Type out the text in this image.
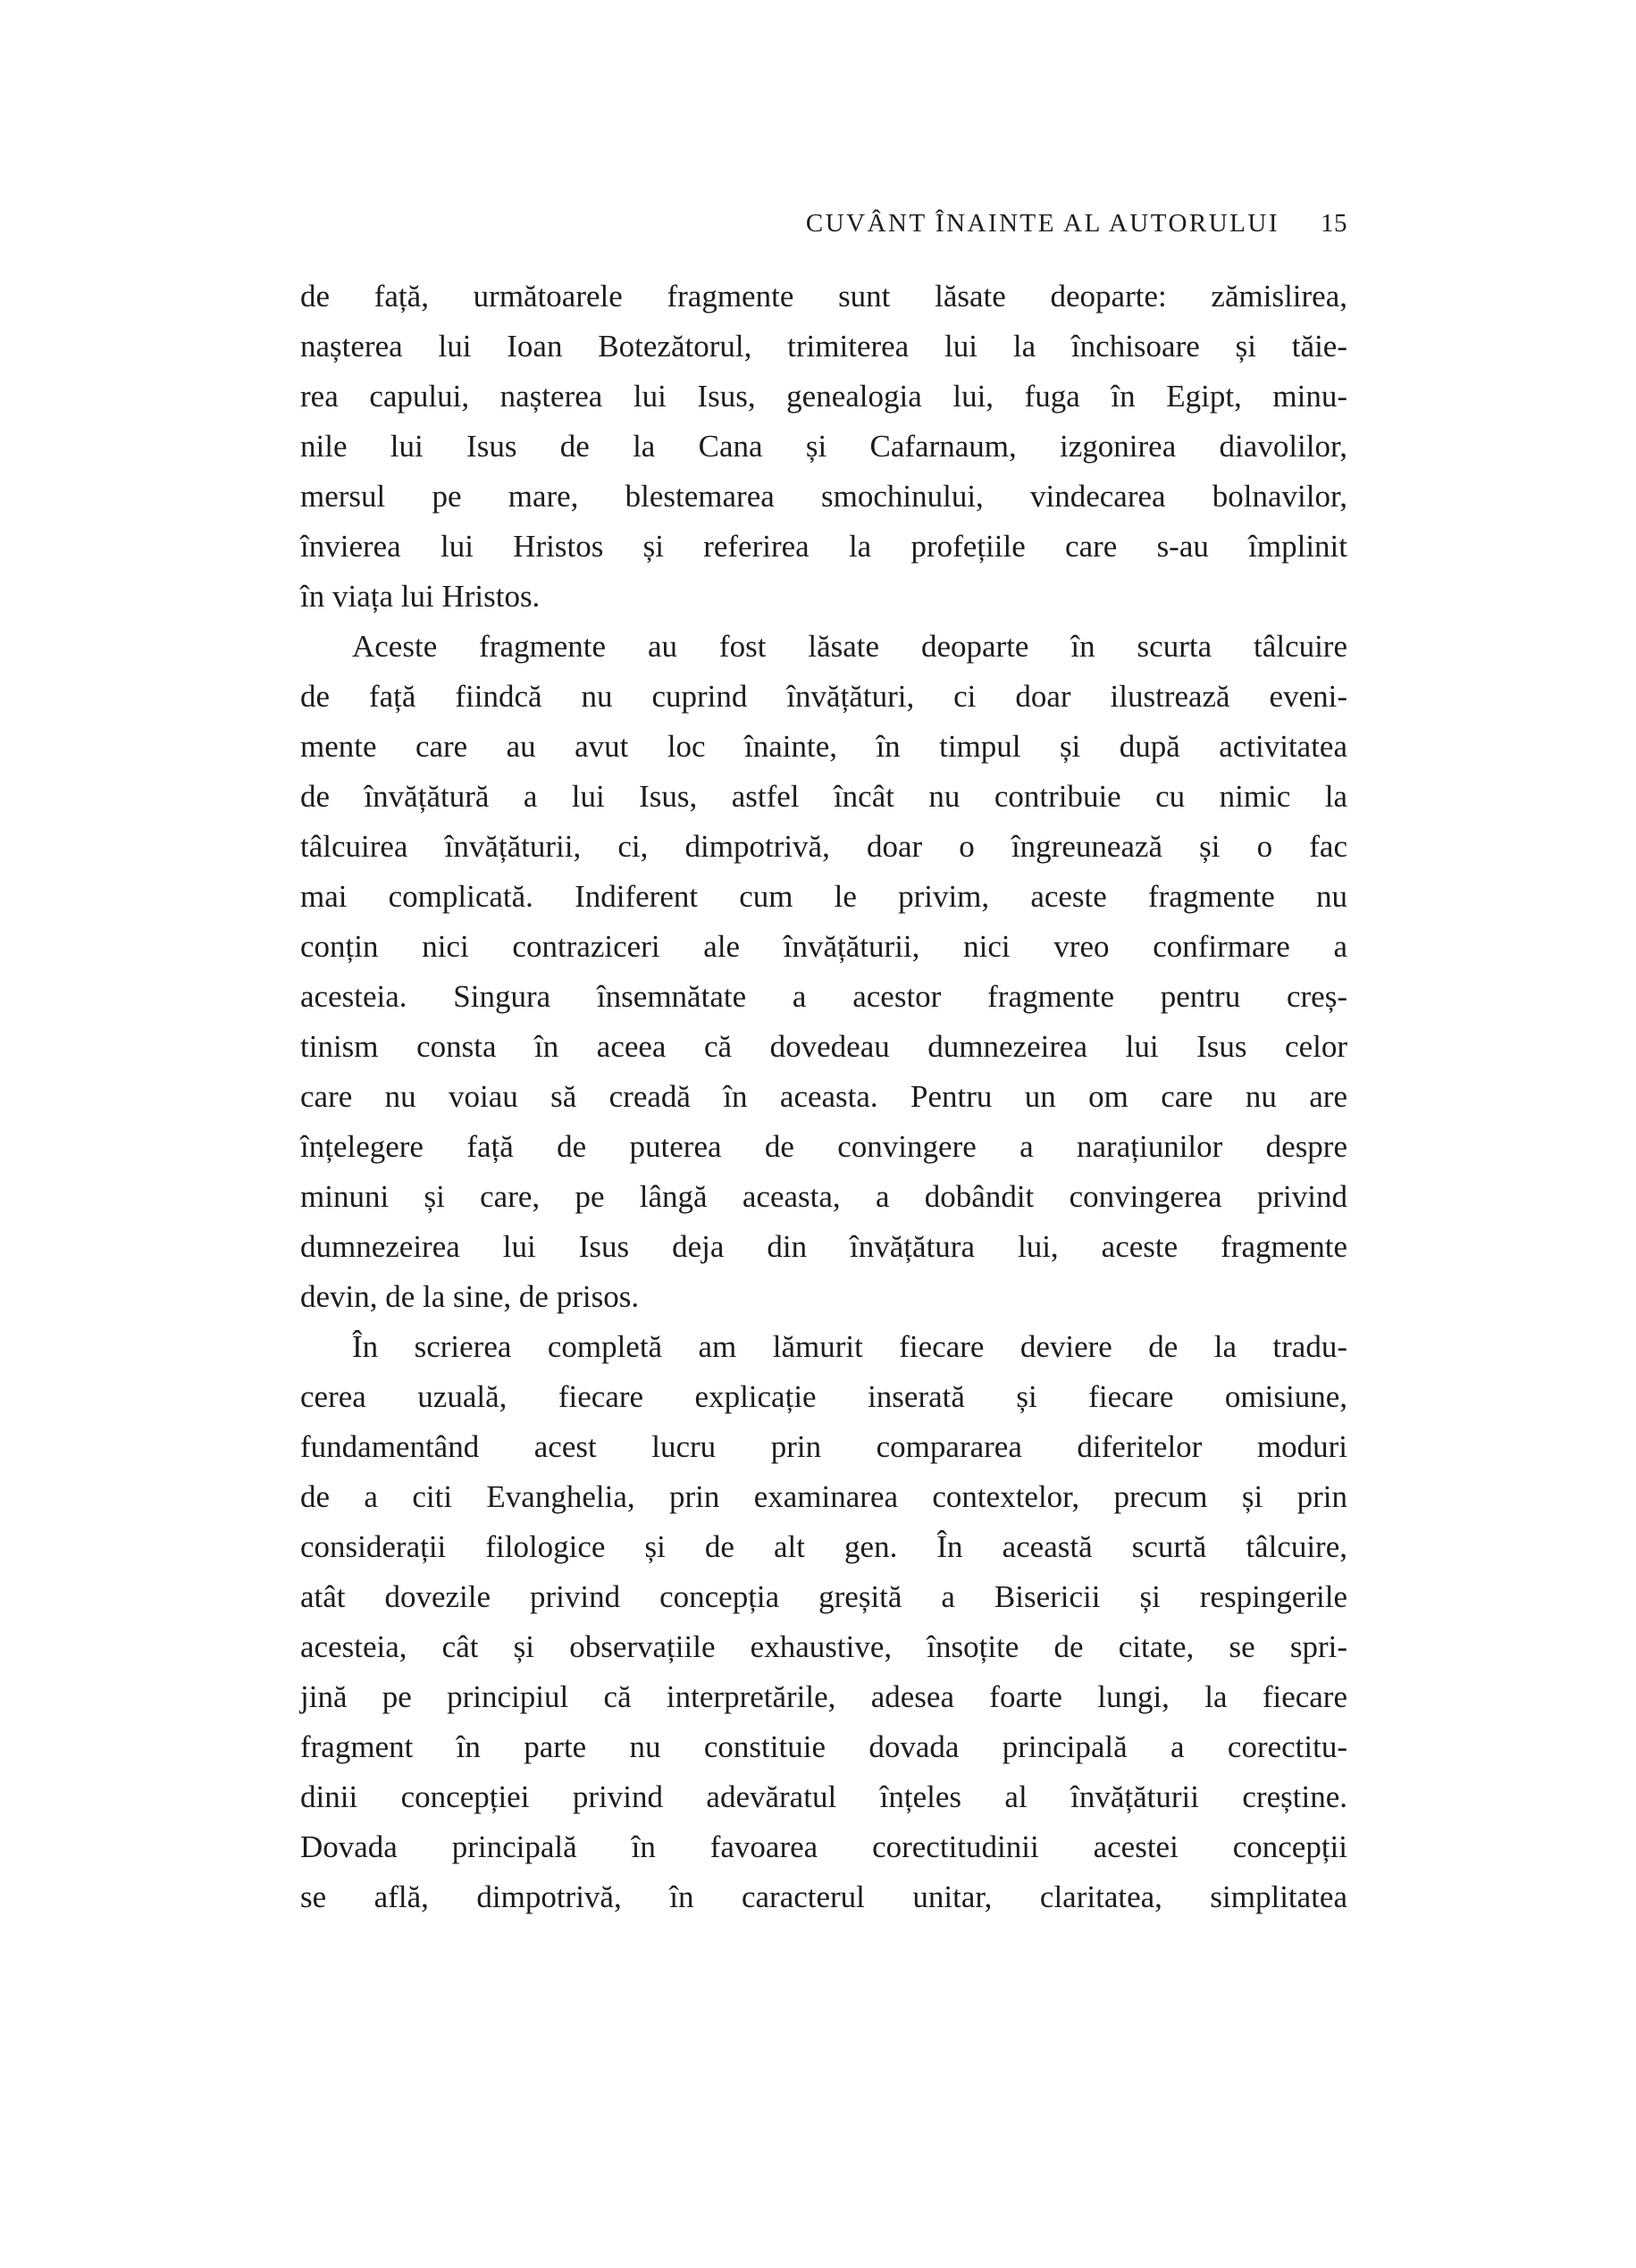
CUVÂNT ÎNAINTE AL AUTORULUI 15
de față, următoarele fragmente sunt lăsate deoparte: zămislirea,
nașterea lui Ioan Botezătorul, trimiterea lui la închisoare și tăie-
rea capului, nașterea lui Isus, genealogia lui, fuga în Egipt, minu-
nile lui Isus de la Cana și Cafarnaum, izgonirea diavolilor,
mersul pe mare, blestemarea smochinului, vindecarea bolnavilor,
învierea lui Hristos și referirea la profețiile care s-au împlinit
în viața lui Hristos.
Aceste fragmente au fost lăsate deoparte în scurta tâlcuire
de față fiindcă nu cuprind învățături, ci doar ilustrează eveni-
mente care au avut loc înainte, în timpul și după activitatea
de învățătură a lui Isus, astfel încât nu contribuie cu nimic la
tâlcuirea învățăturii, ci, dimpotrivă, doar o îngreunează și o fac
mai complicată. Indiferent cum le privim, aceste fragmente nu
conțin nici contraziceri ale învățăturii, nici vreo confirmare a
acesteia. Singura însemnătate a acestor fragmente pentru creș-
tinism consta în aceea că dovedeau dumnezeirea lui Isus celor
care nu voiau să creadă în aceasta. Pentru un om care nu are
înțelegere față de puterea de convingere a narațiunilor despre
minuni și care, pe lângă aceasta, a dobândit convingerea privind
dumnezeirea lui Isus deja din învățătura lui, aceste fragmente
devin, de la sine, de prisos.
În scrierea completă am lămurit fiecare deviere de la tradu-
cerea uzuală, fiecare explicație inserată și fiecare omisiune,
fundamentând acest lucru prin compararea diferitelor moduri
de a citi Evanghelia, prin examinarea contextelor, precum și prin
considerații filologice și de alt gen. În această scurtă tâlcuire,
atât dovezile privind concepția greșită a Bisericii și respingerile
acesteia, cât și observațiile exhaustive, însoțite de citate, se spri-
jină pe principiul că interpretările, adesea foarte lungi, la fiecare
fragment în parte nu constituie dovada principală a corectitu-
dinii concepției privind adevăratul înțeles al învățăturii creștine.
Dovada principală în favoarea corectitudinii acestei concepții
se află, dimpotrivă, în caracterul unitar, claritatea, simplitatea
